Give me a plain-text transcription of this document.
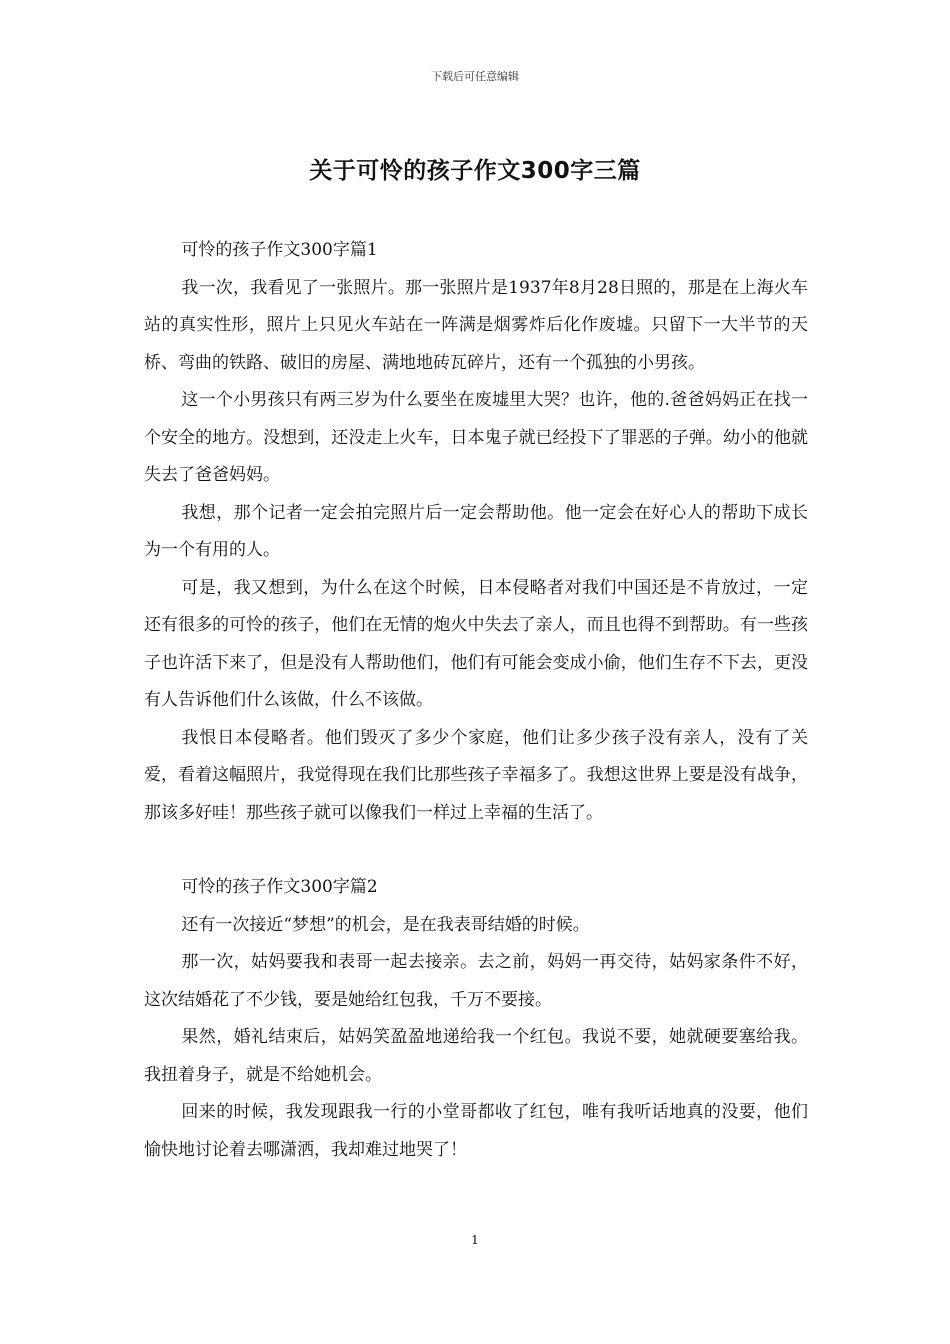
下载后可任意编辑
关于可怜的孩子作文300字三篇

可怜的孩子作文300字篇1

我一次，我看见了一张照片。那一张照片是1937年8月28日照的，那是在上海火车站的真实性形，照片上只见火车站在一阵满是烟雾炸后化作废墟。只留下一大半节的天桥、弯曲的铁路、破旧的房屋、满地地砖瓦碎片，还有一个孤独的小男孩。

这一个小男孩只有两三岁为什么要坐在废墟里大哭？也许，他的.爸爸妈妈正在找一个安全的地方。没想到，还没走上火车，日本鬼子就已经投下了罪恶的子弹。幼小的他就失去了爸爸妈妈。

我想，那个记者一定会拍完照片后一定会帮助他。他一定会在好心人的帮助下成长为一个有用的人。

可是，我又想到，为什么在这个时候，日本侵略者对我们中国还是不肯放过，一定还有很多的可怜的孩子，他们在无情的炮火中失去了亲人，而且也得不到帮助。有一些孩子也许活下来了，但是没有人帮助他们，他们有可能会变成小偷，他们生存不下去，更没有人告诉他们什么该做，什么不该做。

我恨日本侵略者。他们毁灭了多少个家庭，他们让多少孩子没有亲人，没有了关爱，看着这幅照片，我觉得现在我们比那些孩子幸福多了。我想这世界上要是没有战争，那该多好哇！那些孩子就可以像我们一样过上幸福的生活了。

可怜的孩子作文300字篇2

还有一次接近“梦想”的机会，是在我表哥结婚的时候。

那一次，姑妈要我和表哥一起去接亲。去之前，妈妈一再交待，姑妈家条件不好，这次结婚花了不少钱，要是她给红包我，千万不要接。

果然，婚礼结束后，姑妈笑盈盈地递给我一个红包。我说不要，她就硬要塞给我。我扭着身子，就是不给她机会。

回来的时候，我发现跟我一行的小堂哥都收了红包，唯有我听话地真的没要，他们愉快地讨论着去哪潇洒，我却难过地哭了！

1
